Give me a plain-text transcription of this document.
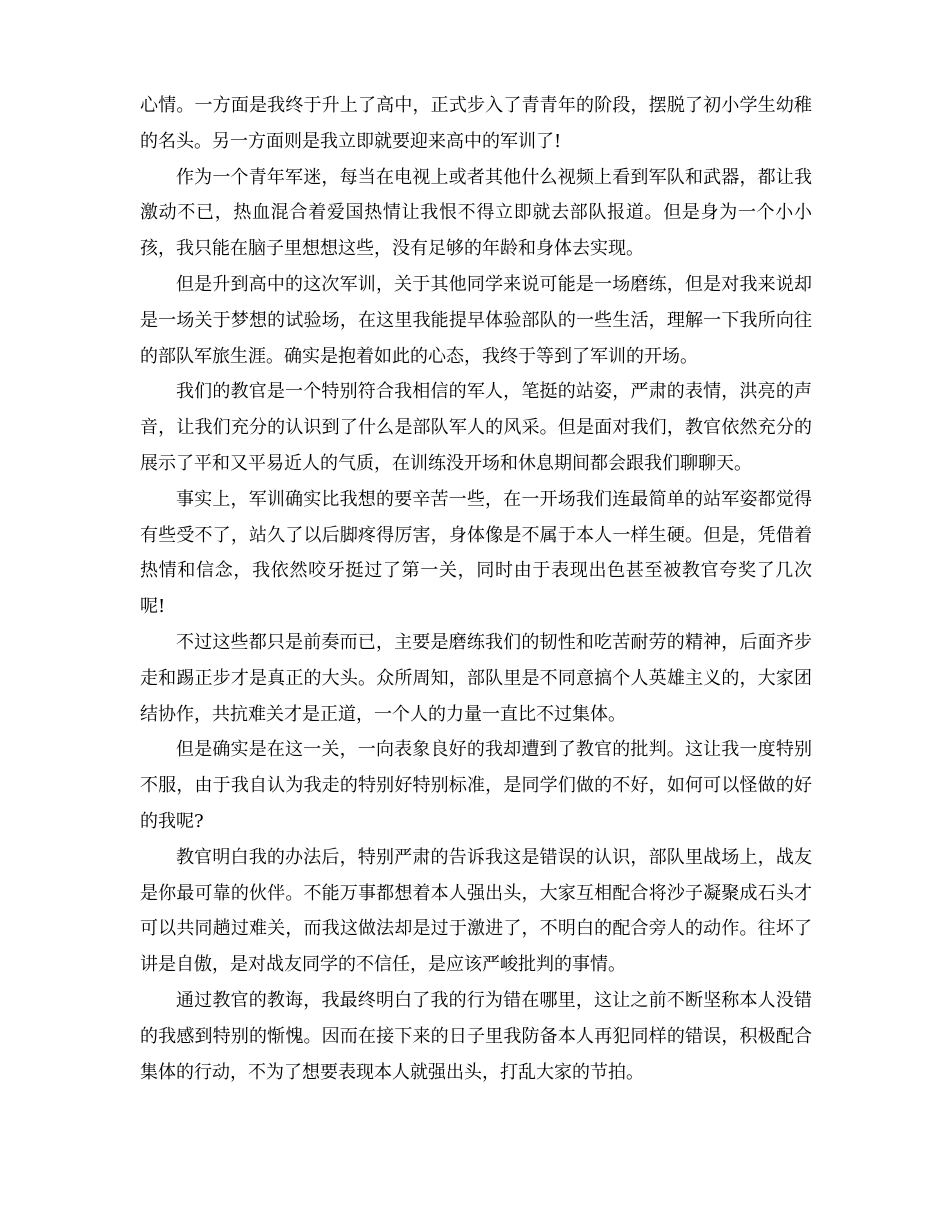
心情。一方面是我终于升上了高中，正式步入了青青年的阶段，摆脱了初小学生幼稚的名头。另一方面则是我立即就要迎来高中的军训了!

作为一个青年军迷，每当在电视上或者其他什么视频上看到军队和武器，都让我激动不已，热血混合着爱国热情让我恨不得立即就去部队报道。但是身为一个小小孩，我只能在脑子里想想这些，没有足够的年龄和身体去实现。

但是升到高中的这次军训，关于其他同学来说可能是一场磨练，但是对我来说却是一场关于梦想的试验场，在这里我能提早体验部队的一些生活，理解一下我所向往的部队军旅生涯。确实是抱着如此的心态，我终于等到了军训的开场。

我们的教官是一个特别符合我相信的军人，笔挺的站姿，严肃的表情，洪亮的声音，让我们充分的认识到了什么是部队军人的风采。但是面对我们，教官依然充分的展示了平和又平易近人的气质，在训练没开场和休息期间都会跟我们聊聊天。

事实上，军训确实比我想的要辛苦一些，在一开场我们连最简单的站军姿都觉得有些受不了，站久了以后脚疼得厉害，身体像是不属于本人一样生硬。但是，凭借着热情和信念，我依然咬牙挺过了第一关，同时由于表现出色甚至被教官夸奖了几次呢!

不过这些都只是前奏而已，主要是磨练我们的韧性和吃苦耐劳的精神，后面齐步走和踢正步才是真正的大头。众所周知，部队里是不同意搞个人英雄主义的，大家团结协作，共抗难关才是正道，一个人的力量一直比不过集体。

但是确实是在这一关，一向表象良好的我却遭到了教官的批判。这让我一度特别不服，由于我自认为我走的特别好特别标准，是同学们做的不好，如何可以怪做的好的我呢?

教官明白我的办法后，特别严肃的告诉我这是错误的认识，部队里战场上，战友是你最可靠的伙伴。不能万事都想着本人强出头，大家互相配合将沙子凝聚成石头才可以共同趟过难关，而我这做法却是过于激进了，不明白的配合旁人的动作。往坏了讲是自傲，是对战友同学的不信任，是应该严峻批判的事情。

通过教官的教诲，我最终明白了我的行为错在哪里，这让之前不断坚称本人没错的我感到特别的惭愧。因而在接下来的日子里我防备本人再犯同样的错误，积极配合集体的行动，不为了想要表现本人就强出头，打乱大家的节拍。
